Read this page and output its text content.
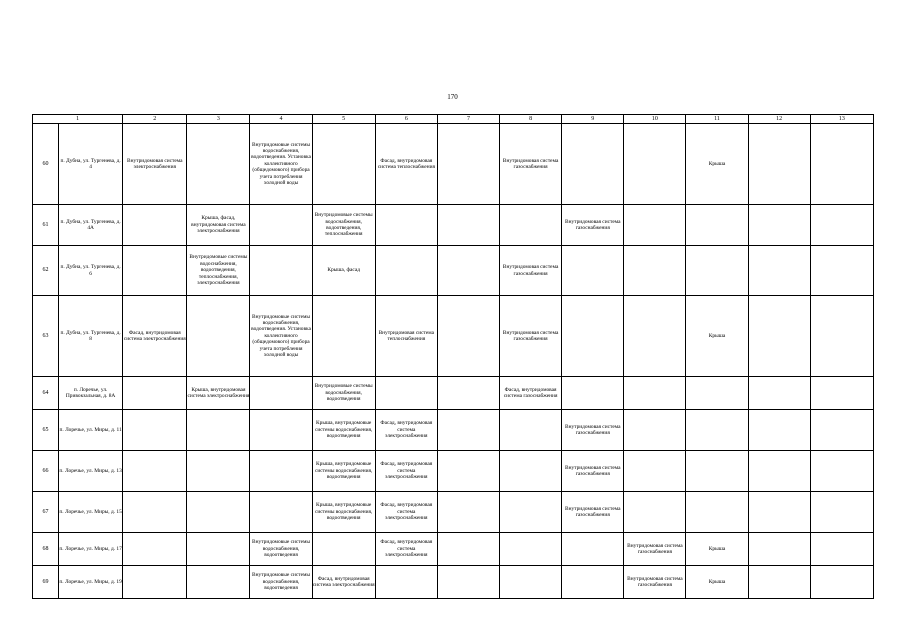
170
1		2	3	4	5	6	7	8	9	10	11	12	13

60	п. Дубна, ул. Тургенева, д. 4	Внутридомовая система электроснабжения		Внутридомовые системы водоснабжения, водоотведения. Установка коллективного (общедомового) прибора учета потребления холодной воды		Фасад, внутридомовая система теплоснабжения		Внутридомовая система газоснабжения			Крыша		

61	п. Дубна, ул. Тургенева, д. 4А		Крыша, фасад, внутридомовая система электроснабжения		Внутридомовые системы водоснабжения, водоотведения, теплоснабжения				Внутридомовая система газоснабжения				

62	п. Дубна, ул. Тургенева, д. 6		Внутридомовые системы водоснабжения, водоотведения, теплоснабжения, электроснабжения		Крыша, фасад			Внутридомовая система газоснабжения					

63	п. Дубна, ул. Тургенева, д. 8	Фасад, внутридомовая система электроснабжения		Внутридомовые системы водоснабжения, водоотведения. Установка коллективного (общедомового) прибора учета потребления холодной воды		Внутридомовая система теплоснабжения		Внутридомовая система газоснабжения			Крыша		

64	п. Лоречье, ул. Привокзальная, д. 8А		Крыша, внутридомовая система электроснабжения		Внутридомовые системы водоснабжения, водоотведения			Фасад, внутридомовая система газоснабжения					

65	п. Лоречье, ул. Миры, д. 11				Крыша, внутридомовые системы водоснабжения, водоотведения	Фасад, внутридомовая система электроснабжения			Внутридомовая система газоснабжения				

66	п. Лоречье, ул. Миры, д. 13				Крыша, внутридомовые системы водоснабжения, водоотведения	Фасад, внутридомовая система электроснабжения			Внутридомовая система газоснабжения				

67	п. Лоречье, ул. Миры, д. 15				Крыша, внутридомовые системы водоснабжения, водоотведения	Фасад, внутридомовая система электроснабжения			Внутридомовая система газоснабжения				

68	п. Лоречье, ул. Миры, д. 17			Внутридомовые системы водоснабжения, водоотведения		Фасад, внутридомовая система электроснабжения				Внутридомовая система газоснабжения	Крыша		

69	п. Лоречье, ул. Миры, д. 19			Внутридомовые системы водоснабжения, водоотведения	Фасад, внутридомовая система электроснабжения					Внутридомовая система газоснабжения	Крыша		
